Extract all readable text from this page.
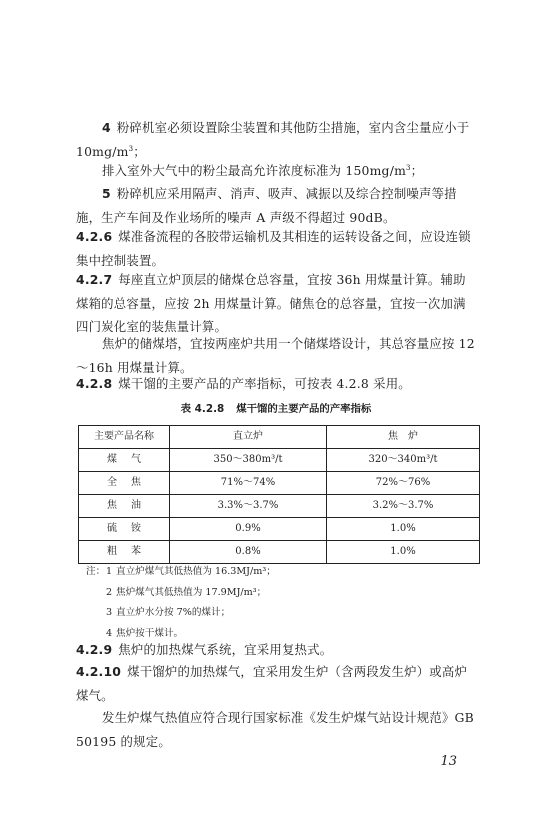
4 粉碎机室必须设置除尘装置和其他防尘措施，室内含尘量应小于 $10mg/m^3$；
排入室外大气中的粉尘最高允许浓度标准为 $150mg/m^3$；
5 粉碎机应采用隔声、消声、吸声、减振以及综合控制噪声等措施，生产车间及作业场所的噪声 A 声级不得超过 90dB。
4.2.6 煤准备流程的各胶带运输机及其相连的运转设备之间，应设连锁集中控制装置。
4.2.7 每座直立炉顶层的储煤仓总容量，宜按 36h 用煤量计算。辅助煤箱的总容量，应按 2h 用煤量计算。储焦仓的总容量，宜按一次加满四门炭化室的装焦量计算。
焦炉的储煤塔，宜按两座炉共用一个储煤塔设计，其总容量应按 12～16h 用煤量计算。
4.2.8 煤干馏的主要产品的产率指标，可按表 4.2.8 采用。
表 4.2.8 煤干馏的主要产品的产率指标
主要产品名称	直立炉	焦　炉
煤气	350～380m³/t	320～340m³/t
全焦	71%～74%	72%～76%
焦油	3.3%～3.7%	3.2%～3.7%
硫铵	0.9%	1.0%
粗苯	0.8%	1.0%
注： 1 直立炉煤气其低热值为 16.3MJ/m³；
2 焦炉煤气其低热值为 17.9MJ/m³；
3 直立炉水分按 7%的煤计；
4 焦炉按干煤计。
4.2.9 焦炉的加热煤气系统，宜采用复热式。
4.2.10 煤干馏炉的加热煤气，宜采用发生炉（含两段发生炉）或高炉煤气。
发生炉煤气热值应符合现行国家标准《发生炉煤气站设计规范》GB 50195 的规定。
13
